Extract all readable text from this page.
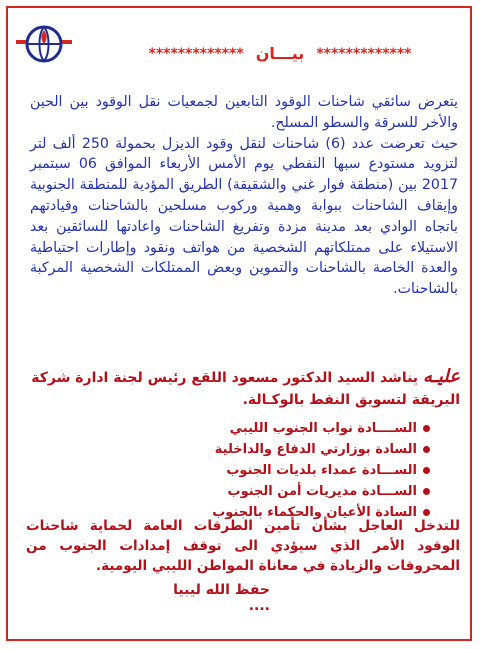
*************
بيـــان
*************

يتعرض سائقي شاحنات الوقود التابعين لجمعيات نقل الوقود بين الحين والأخر للسرقة والسطو المسلح.

حيث تعرضت عدد (6) شاحنات لنقل وقود الديزل بحمولة 250 ألف لتر لتزويد مستودع سبها النفطي يوم الأمس الأربعاء الموافق 06 سبتمبر 2017 بين (منطقة فوار غني والشقيقة) الطريق المؤدية للمنطقة الجنوبية وإيقاف الشاحنات ببوابة وهمية وركوب مسلحين بالشاحنات وقيادتهم باتجاه الوادي بعد مدينة مزدة وتفريغ الشاحنات واعادتها للسائقين بعد الاستيلاء على ممتلكاتهم الشخصية من هواتف ونقود وإطارات احتياطية والعدة الخاصة بالشاحنات والتموين وبعض الممتلكات الشخصية المركبة بالشاحنات.

عليـه يناشد السيد الدكتور مسعود اللقع رئيس لجنة ادارة شركة البريقة لتسويق النفط بالوكـالة.
الســــادة نواب الجنوب الليبي
السادة بوزارتي الدفاع والداخلية
الســـادة عمداء بلديات الجنوب
الســـادة مديريات أمن الجنوب
السادة الأعيان والحكماء بالجنوب

للتدخل العاجل بشأن تأمين الطرقات العامة لحماية شاحنات الوقود الأمر الذي سيؤدي الى توقف إمدادات الجنوب من المحروقات والزيادة في معاناة المواطن الليبي اليومية.

حفظ الله ليبيا ....
